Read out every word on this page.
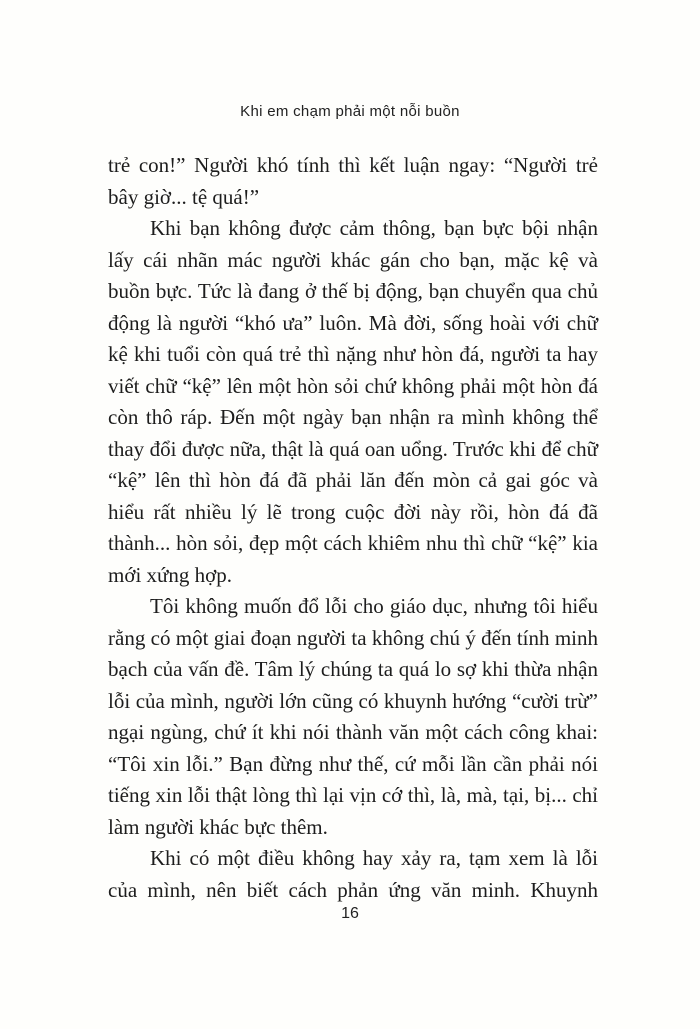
Khi em chạm phải một nỗi buồn

trẻ con!” Người khó tính thì kết luận ngay: “Người trẻ bây giờ... tệ quá!”

Khi bạn không được cảm thông, bạn bực bội nhận lấy cái nhãn mác người khác gán cho bạn, mặc kệ và buồn bực. Tức là đang ở thế bị động, bạn chuyển qua chủ động là người “khó ưa” luôn. Mà đời, sống hoài với chữ kệ khi tuổi còn quá trẻ thì nặng như hòn đá, người ta hay viết chữ “kệ” lên một hòn sỏi chứ không phải một hòn đá còn thô ráp. Đến một ngày bạn nhận ra mình không thể thay đổi được nữa, thật là quá oan uổng. Trước khi để chữ “kệ” lên thì hòn đá đã phải lăn đến mòn cả gai góc và hiểu rất nhiều lý lẽ trong cuộc đời này rồi, hòn đá đã thành... hòn sỏi, đẹp một cách khiêm nhu thì chữ “kệ” kia mới xứng hợp.

Tôi không muốn đổ lỗi cho giáo dục, nhưng tôi hiểu rằng có một giai đoạn người ta không chú ý đến tính minh bạch của vấn đề. Tâm lý chúng ta quá lo sợ khi thừa nhận lỗi của mình, người lớn cũng có khuynh hướng “cười trừ” ngại ngùng, chứ ít khi nói thành văn một cách công khai: “Tôi xin lỗi.” Bạn đừng như thế, cứ mỗi lần cần phải nói tiếng xin lỗi thật lòng thì lại vịn cớ thì, là, mà, tại, bị... chỉ làm người khác bực thêm.

Khi có một điều không hay xảy ra, tạm xem là lỗi của mình, nên biết cách phản ứng văn minh. Khuynh

16
